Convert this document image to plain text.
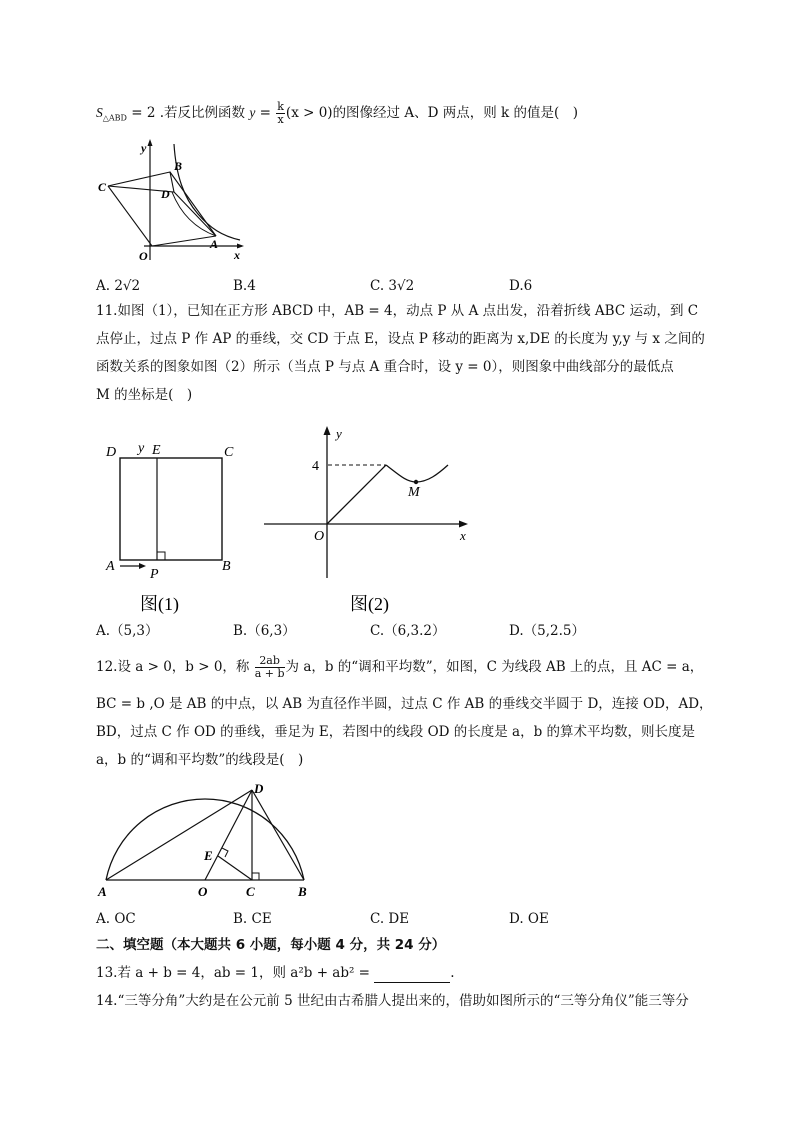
$S_{\triangle ABD} = 2$ .若反比例函数 $y = \frac{k}{x} (x > 0)$的图像经过 A、D 两点，则 k 的值是(　)
y
B
C	D
A
O	x
A. 2√2	B.4	C. 3√2	D.6
11.如图（1），已知在正方形 ABCD 中，AB = 4，动点 P 从 A 点出发，沿着折线 ABC 运动，到 C
点停止，过点 P 作 AP 的垂线，交 CD 于点 E，设点 P 移动的距离为 x,DE 的长度为 y,y 与 x 之间的
函数关系的图象如图（2）所示（当点 P 与点 A 重合时，设 y = 0），则图象中曲线部分的最低点
M 的坐标是(　)
D y E	C
A
P
B
图(1)
y
4
M
O	x
图(2)
A.（5,3）	B.（6,3）	C.（6,3.2）	D.（5,2.5）
12.设 a > 0，b > 0，称 $\frac{2ab}{a + b}$ 为 a，b 的“调和平均数”，如图，C 为线段 AB 上的点，且 AC = a，
BC = b ,O 是 AB 的中点，以 AB 为直径作半圆，过点 C 作 AB 的垂线交半圆于 D，连接 OD，AD，
BD，过点 C 作 OD 的垂线，垂足为 E，若图中的线段 OD 的长度是 a，b 的算术平均数，则长度是
a，b 的“调和平均数”的线段是(　)
D
E
A	O	C	B
A. OC	B. CE	C. DE	D. OE
二、填空题（本大题共 6 小题，每小题 4 分，共 24 分）
13.若 a + b = 4，ab = 1，则 a²b + ab² =	.
14.“三等分角”大约是在公元前 5 世纪由古希腊人提出来的，借助如图所示的“三等分角仪”能三等分
